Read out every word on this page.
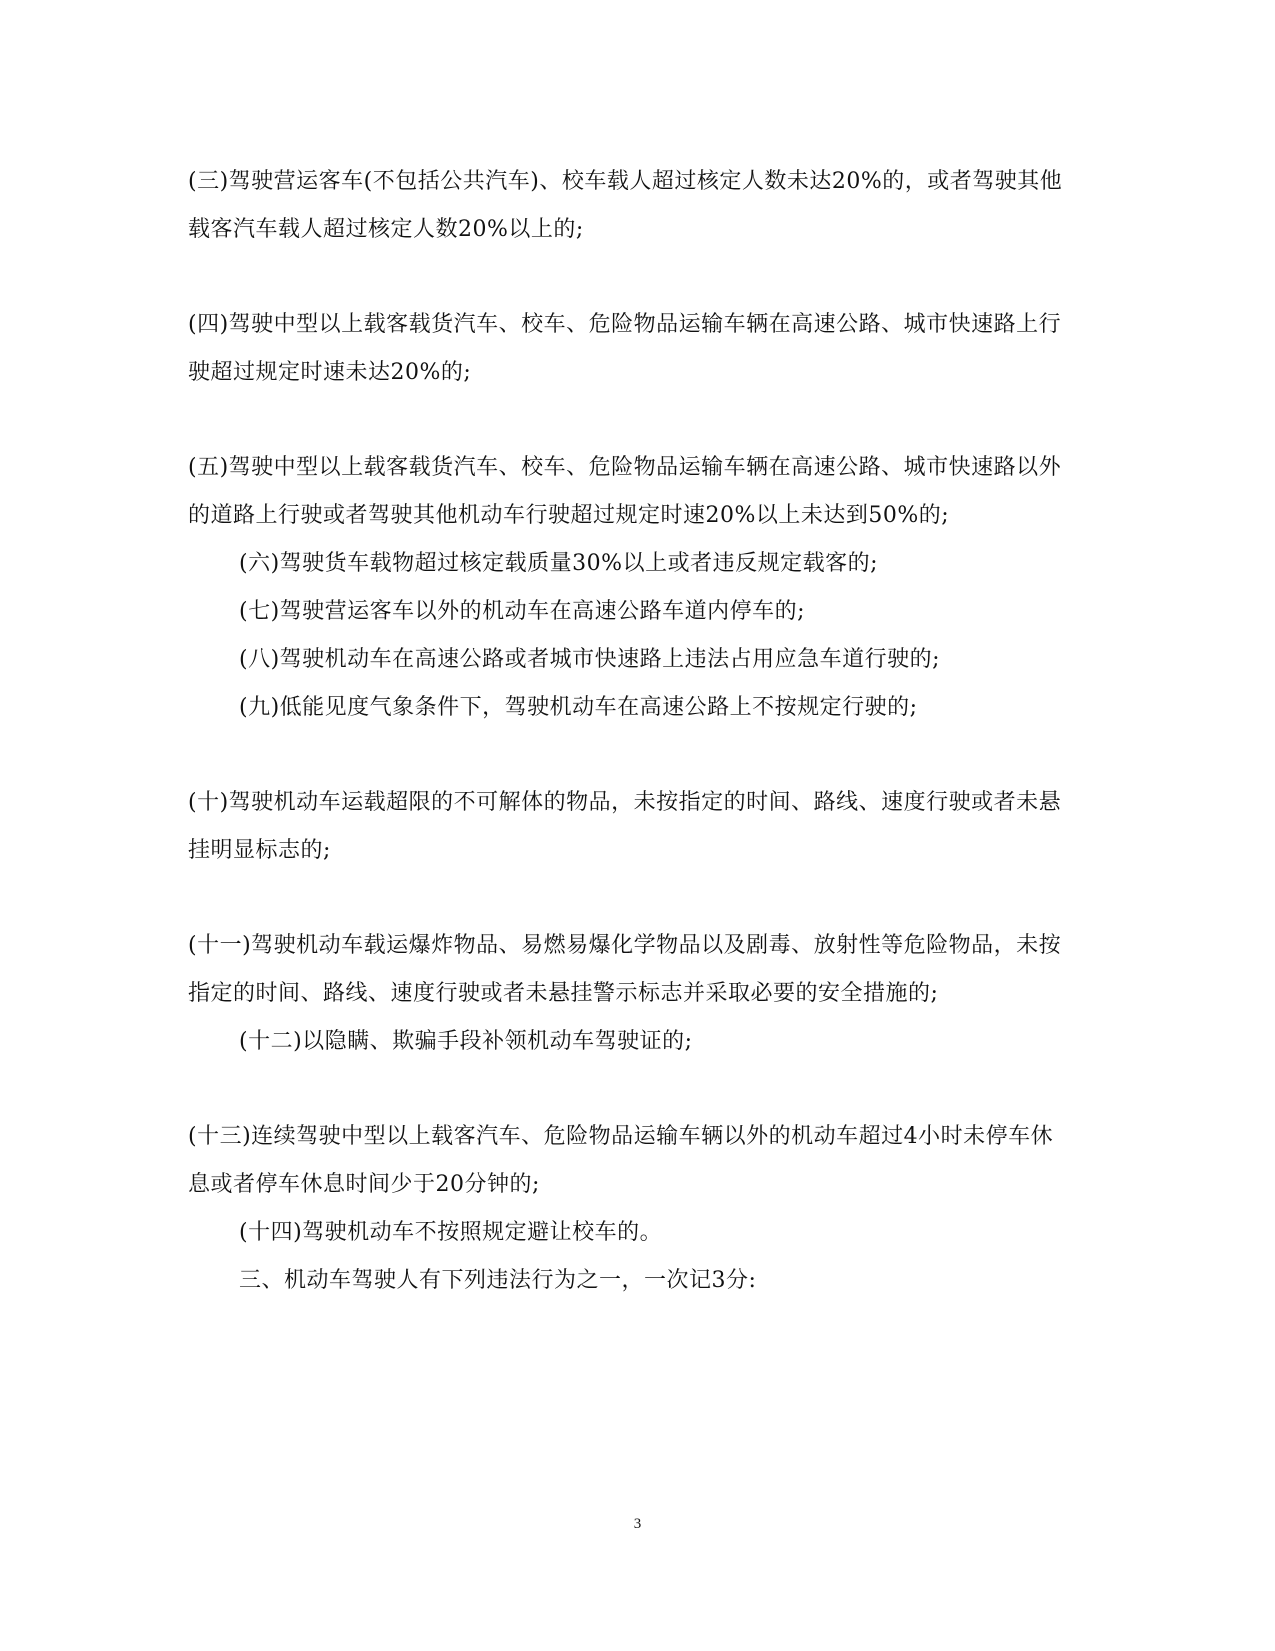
(三)驾驶营运客车(不包括公共汽车)、校车载人超过核定人数未达20%的，或者驾驶其他载客汽车载人超过核定人数20%以上的;

(四)驾驶中型以上载客载货汽车、校车、危险物品运输车辆在高速公路、城市快速路上行驶超过规定时速未达20%的;

(五)驾驶中型以上载客载货汽车、校车、危险物品运输车辆在高速公路、城市快速路以外的道路上行驶或者驾驶其他机动车行驶超过规定时速20%以上未达到50%的;

(六)驾驶货车载物超过核定载质量30%以上或者违反规定载客的;

(七)驾驶营运客车以外的机动车在高速公路车道内停车的;

(八)驾驶机动车在高速公路或者城市快速路上违法占用应急车道行驶的;

(九)低能见度气象条件下，驾驶机动车在高速公路上不按规定行驶的;

(十)驾驶机动车运载超限的不可解体的物品，未按指定的时间、路线、速度行驶或者未悬挂明显标志的;

(十一)驾驶机动车载运爆炸物品、易燃易爆化学物品以及剧毒、放射性等危险物品，未按指定的时间、路线、速度行驶或者未悬挂警示标志并采取必要的安全措施的;

(十二)以隐瞒、欺骗手段补领机动车驾驶证的;

(十三)连续驾驶中型以上载客汽车、危险物品运输车辆以外的机动车超过4小时未停车休息或者停车休息时间少于20分钟的;

(十四)驾驶机动车不按照规定避让校车的。

三、机动车驾驶人有下列违法行为之一，一次记3分:

3
